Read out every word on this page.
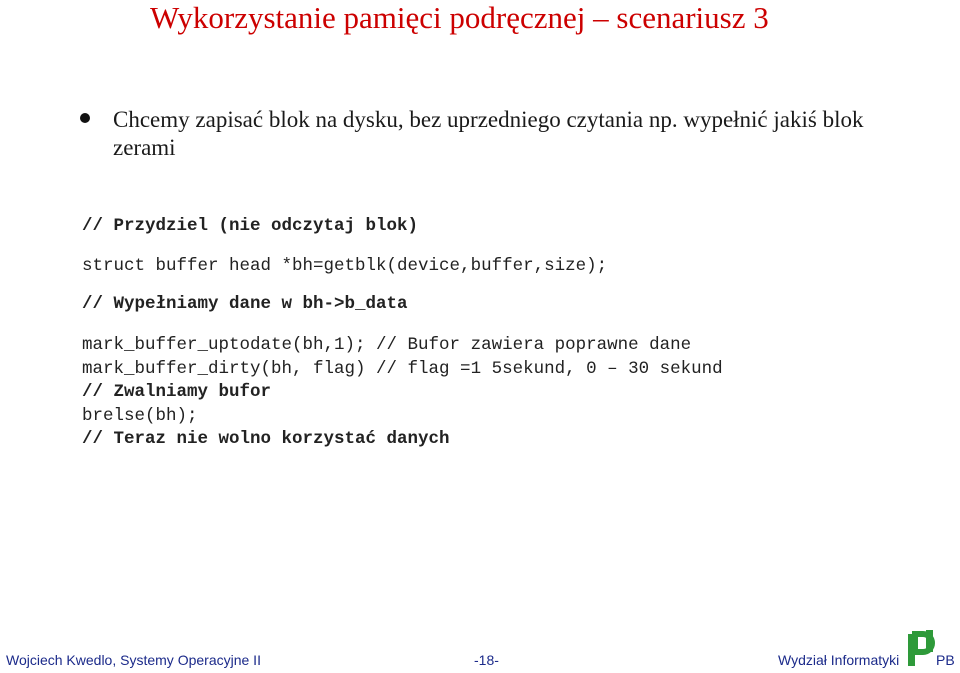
Wykorzystanie pamięci podręcznej – scenariusz 3
Chcemy zapisać blok na dysku, bez uprzedniego czytania np. wypełnić jakiś blok zerami
// Przydziel (nie odczytaj blok)
struct buffer head *bh=getblk(device,buffer,size);
// Wypełniamy dane w bh->b_data
mark_buffer_uptodate(bh,1); // Bufor zawiera poprawne dane
mark_buffer_dirty(bh, flag) // flag =1 5sekund, 0 – 30 sekund
// Zwalniamy bufor
brelse(bh);
// Teraz nie wolno korzystać danych
Wojciech Kwedlo, Systemy Operacyjne II	-18-	Wydział Informatyki	PB
